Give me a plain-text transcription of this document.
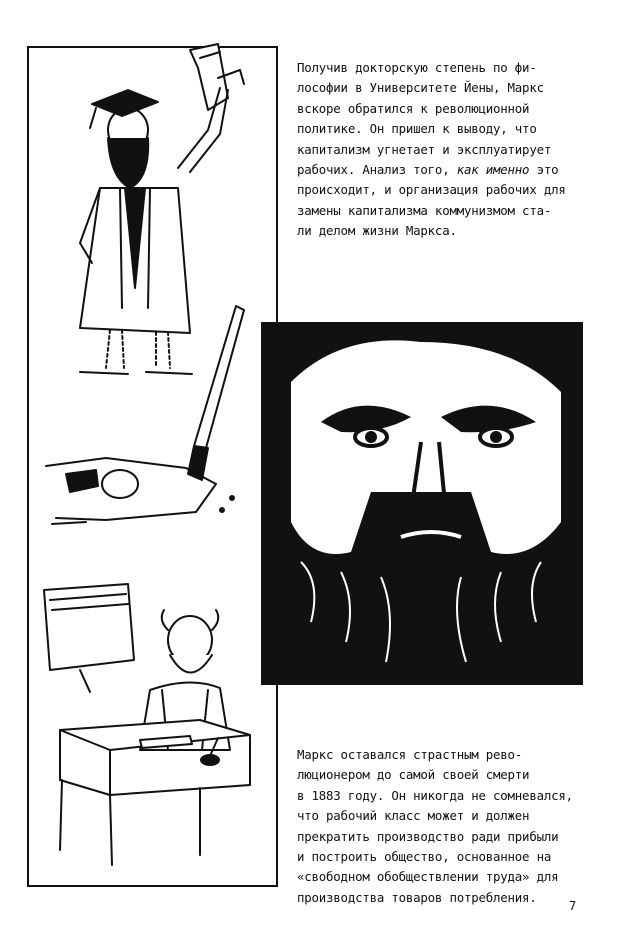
Получив докторскую степень по фи-

лософии в Университете Йены, Маркс

вскоре обратился к революционной

политике. Он пришел к выводу, что

капитализм угнетает и эксплуатирует

рабочих. Анализ того, как именно это

происходит, и организация рабочих для

замены капитализма коммунизмом ста-

ли делом жизни Маркса.

Маркс оставался страстным рево-

люционером до самой своей смерти

в 1883 году. Он никогда не сомневался,

что рабочий класс может и должен

прекратить производство ради прибыли

и построить общество, основанное на

«свободном обобществлении труда» для

производства товаров потребления.

7
